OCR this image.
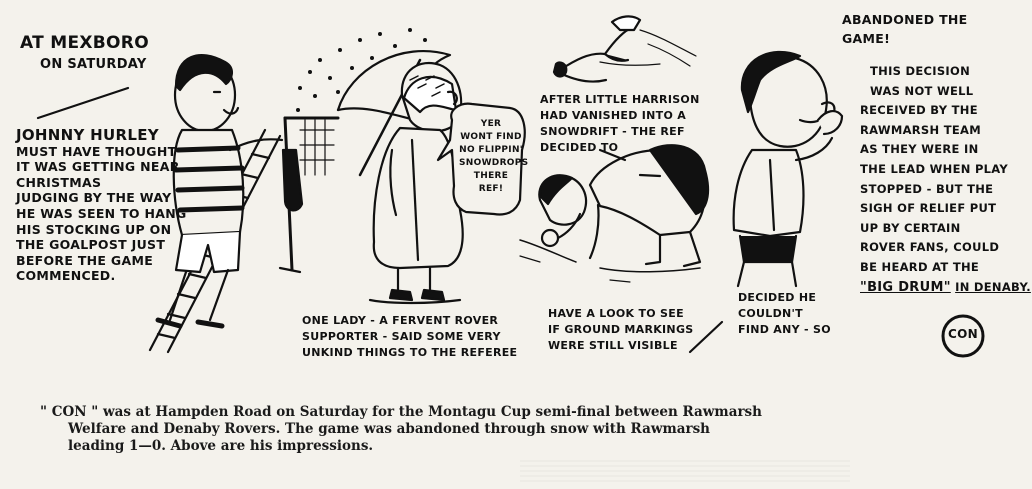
AT MEXBORO
ON SATURDAY
JOHNNY HURLEY
MUST HAVE THOUGHT
IT WAS GETTING NEAR
CHRISTMAS
JUDGING BY THE WAY
HE WAS SEEN TO HANG
HIS STOCKING UP ON
THE GOALPOST JUST
BEFORE THE GAME
COMMENCED.
YER
WONT FIND
NO FLIPPIN'
SNOWDROPS
THERE
REF!
ONE LADY - A FERVENT ROVER
SUPPORTER - SAID SOME VERY
UNKIND THINGS TO THE REFEREE
AFTER LITTLE HARRISON
HAD VANISHED INTO A
SNOWDRIFT - THE REF
DECIDED TO
HAVE A LOOK TO SEE
IF GROUND MARKINGS
WERE STILL VISIBLE
DECIDED HE
COULDN'T
FIND ANY - SO
ABANDONED THE
GAME!
THIS DECISION
WAS NOT WELL
RECEIVED BY THE
RAWMARSH TEAM
AS THEY WERE IN
THE LEAD WHEN PLAY
STOPPED - BUT THE
SIGH OF RELIEF PUT
UP BY CERTAIN
ROVER FANS, COULD
BE HEARD AT THE
"BIG DRUM" IN DENABY.
CON
" CON " was at Hampden Road on Saturday for the Montagu Cup semi-final between Rawmarsh
Welfare and Denaby Rovers. The game was abandoned through snow with Rawmarsh
leading 1—0. Above are his impressions.
